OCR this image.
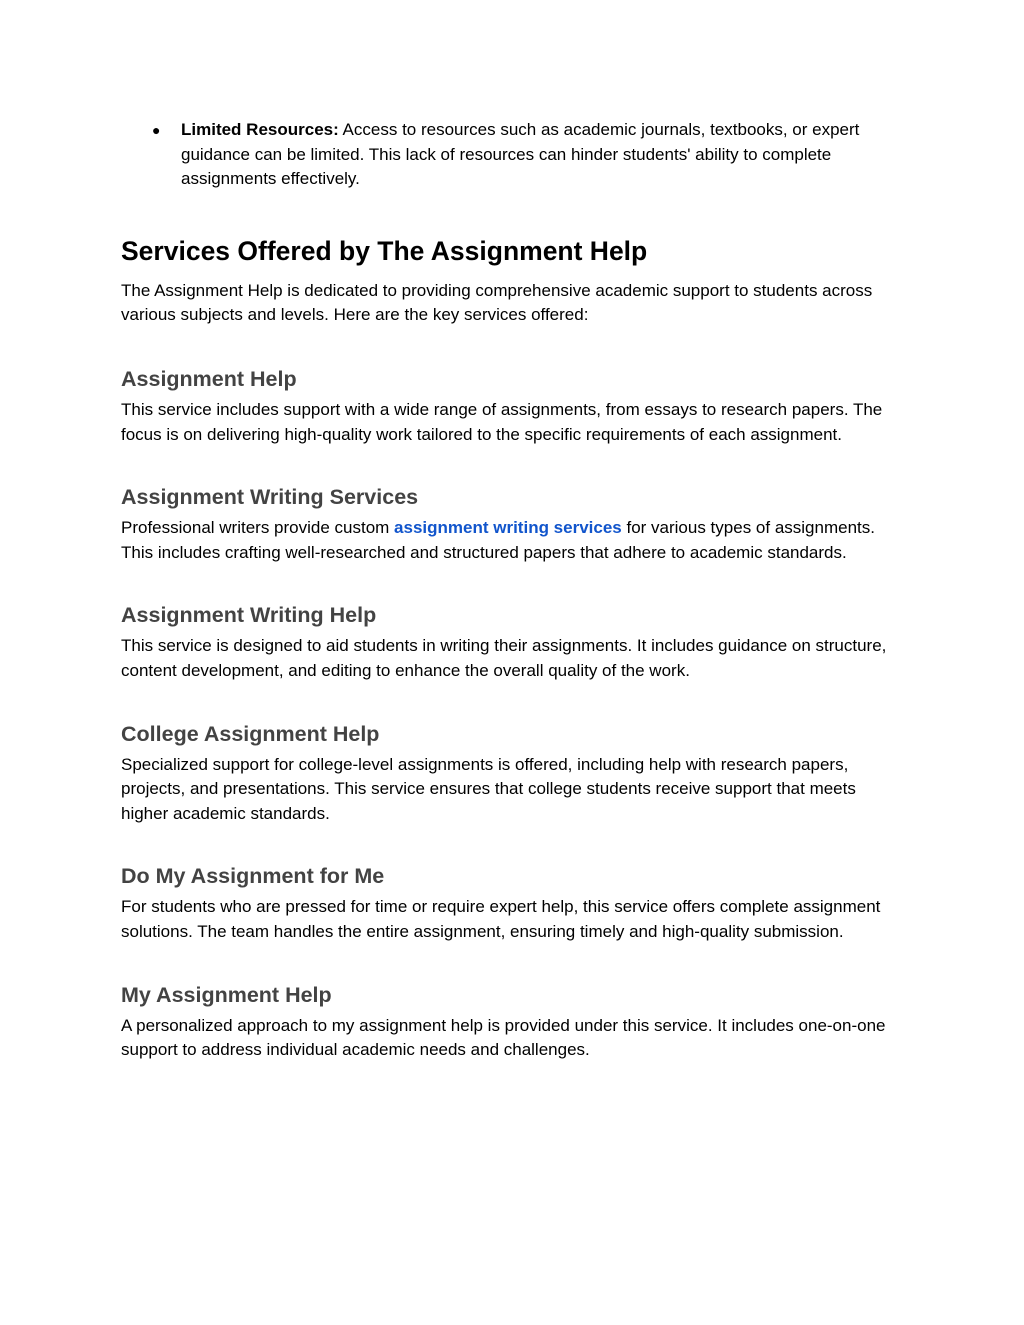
● Limited Resources: Access to resources such as academic journals, textbooks, or expert guidance can be limited. This lack of resources can hinder students' ability to complete assignments effectively.
Services Offered by The Assignment Help

The Assignment Help is dedicated to providing comprehensive academic support to students across various subjects and levels. Here are the key services offered:

Assignment Help

This service includes support with a wide range of assignments, from essays to research papers. The focus is on delivering high-quality work tailored to the specific requirements of each assignment.

Assignment Writing Services

Professional writers provide custom assignment writing services for various types of assignments. This includes crafting well-researched and structured papers that adhere to academic standards.

Assignment Writing Help

This service is designed to aid students in writing their assignments. It includes guidance on structure, content development, and editing to enhance the overall quality of the work.

College Assignment Help

Specialized support for college-level assignments is offered, including help with research papers, projects, and presentations. This service ensures that college students receive support that meets higher academic standards.

Do My Assignment for Me

For students who are pressed for time or require expert help, this service offers complete assignment solutions. The team handles the entire assignment, ensuring timely and high-quality submission.

My Assignment Help

A personalized approach to my assignment help is provided under this service. It includes one-on-one support to address individual academic needs and challenges.
